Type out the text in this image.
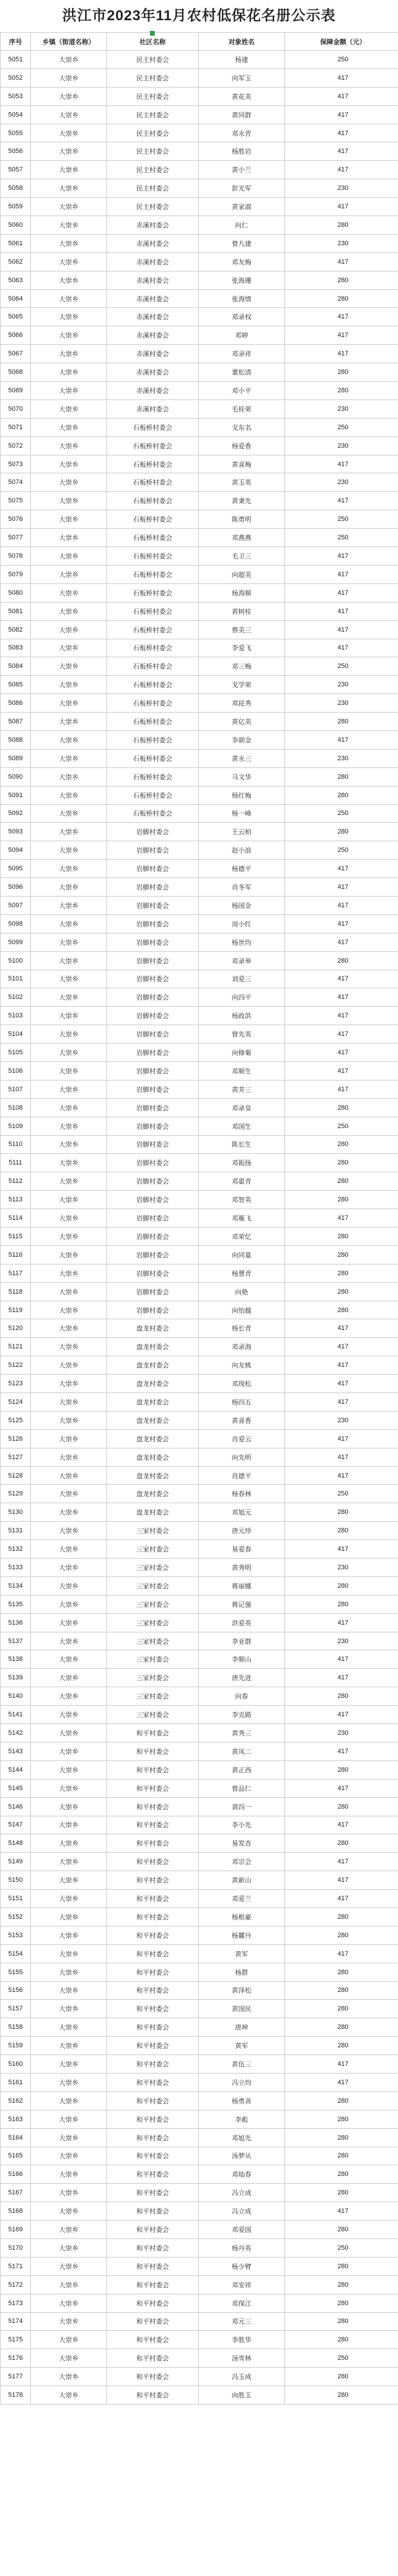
洪江市2023年11月农村低保花名册公示表
序号	乡镇（街道名称）	社区名称	对象姓名	保障金额（元）
5051	大崇乡	民主村委会	杨建	250
5052	大崇乡	民主村委会	向军玉	417
5053	大崇乡	民主村委会	黄花美	417
5054	大崇乡	民主村委会	黄同群	417
5055	大崇乡	民主村委会	邓永青	417
5056	大崇乡	民主村委会	杨胜岩	417
5057	大崇乡	民主村委会	黄小兰	417
5058	大崇乡	民主村委会	彭光军	230
5059	大崇乡	民主村委会	黄家淑	417
5060	大崇乡	赤溪村委会	向仁	280
5061	大崇乡	赤溪村委会	曾九建	230
5062	大崇乡	赤溪村委会	邓友梅	417
5063	大崇乡	赤溪村委会	张海珊	280
5064	大崇乡	赤溪村委会	张海情	280
5065	大崇乡	赤溪村委会	邓录权	417
5066	大崇乡	赤溪村委会	邓婷	417
5067	大崇乡	赤溪村委会	邓录祥	417
5068	大崇乡	赤溪村委会	董松清	280
5069	大崇乡	赤溪村委会	邓小平	280
5070	大崇乡	赤溪村委会	毛桂荣	230
5071	大崇乡	石板桥村委会	戈东名	250
5072	大崇乡	石板桥村委会	杨爱香	230
5073	大崇乡	石板桥村委会	黄喜梅	417
5074	大崇乡	石板桥村委会	黄玉英	230
5075	大崇乡	石板桥村委会	黄秉先	417
5076	大崇乡	石板桥村委会	陈勇明	250
5077	大崇乡	石板桥村委会	邓燕燕	250
5078	大崇乡	石板桥村委会	毛卫三	417
5079	大崇乡	石板桥村委会	向超美	417
5080	大崇乡	石板桥村委会	杨海顺	417
5081	大崇乡	石板桥村委会	黄树桂	417
5082	大崇乡	石板桥村委会	蔡美三	417
5083	大崇乡	石板桥村委会	李爱飞	417
5084	大崇乡	石板桥村委会	邓三梅	250
5085	大崇乡	石板桥村委会	戈学荣	230
5086	大崇乡	石板桥村委会	邓昆秀	230
5087	大崇乡	石板桥村委会	黄亿美	280
5088	大崇乡	石板桥村委会	李朝金	417
5089	大崇乡	石板桥村委会	黄永三	230
5090	大崇乡	石板桥村委会	马文华	280
5091	大崇乡	石板桥村委会	杨红梅	280
5092	大崇乡	石板桥村委会	杨一峰	250
5093	大崇乡	岩脚村委会	王云柏	280
5094	大崇乡	岩脚村委会	赵小浪	250
5095	大崇乡	岩脚村委会	杨德平	417
5096	大崇乡	岩脚村委会	肖冬军	417
5097	大崇乡	岩脚村委会	杨国金	417
5098	大崇乡	岩脚村委会	周小红	417
5099	大崇乡	岩脚村委会	杨世均	417
5100	大崇乡	岩脚村委会	邓录举	280
5101	大崇乡	岩脚村委会	刘爱三	417
5102	大崇乡	岩脚村委会	向四平	417
5103	大崇乡	岩脚村委会	杨政洪	417
5104	大崇乡	岩脚村委会	曾先英	417
5105	大崇乡	岩脚村委会	向修菊	417
5106	大崇乡	岩脚村委会	邓顺生	417
5107	大崇乡	岩脚村委会	黄芳三	417
5108	大崇乡	岩脚村委会	邓录皇	280
5109	大崇乡	岩脚村委会	邓国生	250
5110	大崇乡	岩脚村委会	陈长生	280
5111	大崇乡	岩脚村委会	邓振扬	280
5112	大崇乡	岩脚村委会	邓翟青	280
5113	大崇乡	岩脚村委会	邓智英	280
5114	大崇乡	岩脚村委会	邓雁飞	417
5115	大崇乡	岩脚村委会	邓荣忆	280
5116	大崇乡	岩脚村委会	向同量	280
5117	大崇乡	岩脚村委会	杨慧青	280
5118	大崇乡	岩脚村委会	向艳	280
5119	大崇乡	岩脚村委会	向怡越	280
5120	大崇乡	盘龙村委会	杨长青	417
5121	大崇乡	盘龙村委会	邓录海	417
5122	大崇乡	盘龙村委会	向友桃	417
5123	大崇乡	盘龙村委会	邓现松	417
5124	大崇乡	盘龙村委会	杨四五	417
5125	大崇乡	盘龙村委会	黄喜香	230
5126	大崇乡	盘龙村委会	肖爱云	417
5127	大崇乡	盘龙村委会	向先明	417
5128	大崇乡	盘龙村委会	肖德平	417
5129	大崇乡	盘龙村委会	杨春林	250
5130	大崇乡	盘龙村委会	邓旭元	280
5131	大崇乡	三家村委会	唐元珍	280
5132	大崇乡	三家村委会	易爱春	417
5133	大崇乡	三家村委会	黄秀明	230
5134	大崇乡	三家村委会	蒋丽娜	280
5135	大崇乡	三家村委会	蒋记强	280
5136	大崇乡	三家村委会	洪爱英	417
5137	大崇乡	三家村委会	李亚群	230
5138	大崇乡	三家村委会	李顺山	417
5139	大崇乡	三家村委会	唐先进	417
5140	大崇乡	三家村委会	向春	280
5141	大崇乡	三家村委会	李克路	417
5142	大崇乡	和平村委会	黄秀三	230
5143	大崇乡	和平村委会	黄凤二	417
5144	大崇乡	和平村委会	黄正西	280
5145	大崇乡	和平村委会	曾品仁	417
5146	大崇乡	和平村委会	黄四一	280
5147	大崇乡	和平村委会	李小先	417
5148	大崇乡	和平村委会	易发杏	280
5149	大崇乡	和平村委会	邓宗会	417
5150	大崇乡	和平村委会	黄新山	417
5151	大崇乡	和平村委会	邓爱兰	417
5152	大崇乡	和平村委会	杨根豪	280
5153	大崇乡	和平村委会	杨麓丹	280
5154	大崇乡	和平村委会	黄军	417
5155	大崇乡	和平村委会	杨群	280
5156	大崇乡	和平村委会	黄泽松	280
5157	大崇乡	和平村委会	黄国民	280
5158	大崇乡	和平村委会	唐坤	280
5159	大崇乡	和平村委会	黄军	280
5160	大崇乡	和平村委会	黄伍三	417
5161	大崇乡	和平村委会	冯立均	417
5162	大崇乡	和平村委会	杨勇善	280
5163	大崇乡	和平村委会	李彪	280
5164	大崇乡	和平村委会	邓旭先	280
5165	大崇乡	和平村委会	汤梦从	280
5166	大崇乡	和平村委会	邓灿春	280
5167	大崇乡	和平村委会	冯立成	280
5168	大崇乡	和平村委会	冯立成	417
5169	大崇乡	和平村委会	邓爱国	280
5170	大崇乡	和平村委会	杨丹英	250
5171	大崇乡	和平村委会	杨少臂	280
5172	大崇乡	和平村委会	邓安祥	280
5173	大崇乡	和平村委会	邓保江	280
5174	大崇乡	和平村委会	邓元三	280
5175	大崇乡	和平村委会	李胜华	280
5176	大崇乡	和平村委会	汤雪林	250
5177	大崇乡	和平村委会	冯玉成	280
5178	大崇乡	和平村委会	向胜玉	280
